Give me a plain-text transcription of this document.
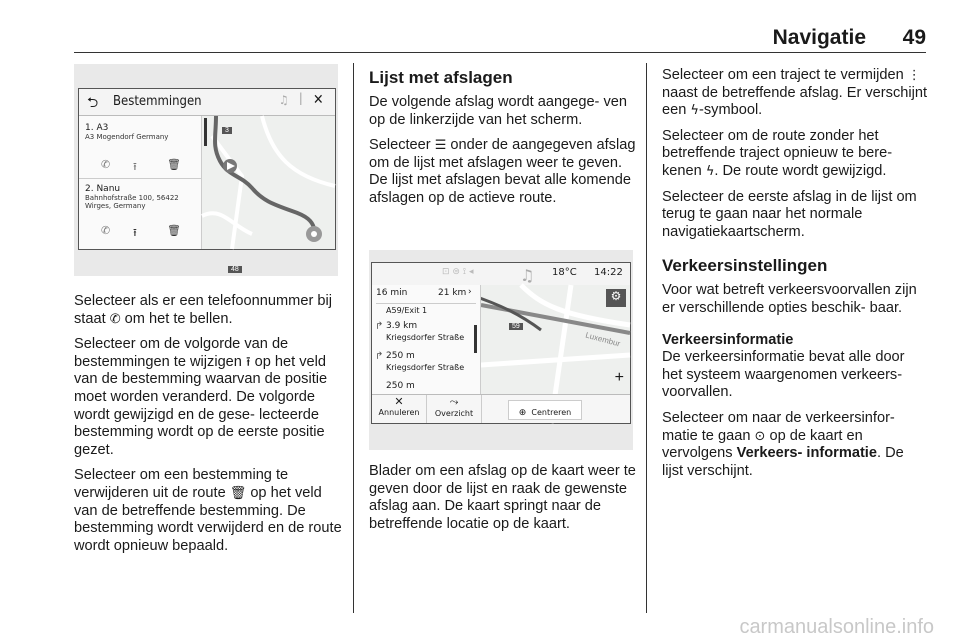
Navigatie 49
⮌ Bestemmingen	♫ | ✕
1. A3
A3 Mogendorf Germany
✆ ⭱	🗑
2. Nanu
Bahnhofstraße 100, 56422
Wirges, Germany
✆ ⭱	🗑
3
48

Selecteer als er een telefoonnummer bij staat ✆ om het te bellen.

Selecteer om de volgorde van de bestemmingen te wijzigen ⭱ op het veld van de bestemming waarvan de positie moet worden veranderd. De volgorde wordt gewijzigd en de gese- lecteerde bestemming wordt op de eerste positie gezet.

Selecteer om een bestemming te verwijderen uit de route 🗑 op het veld van de betreffende bestemming. De bestemming wordt verwijderd en de route wordt opnieuw bepaald.

Lijst met afslagen

De volgende afslag wordt aangege- ven op de linkerzijde van het scherm.

Selecteer ☰ onder de aangegeven afslag om de lijst met afslagen weer te geven. De lijst met afslagen bevat alle komende afslagen op de actieve route.

⊡ ⊜ ⟟ ◂	♫ 18°C 14:22
59
Luxembur
⚙
+
16 min	21 km ›
A59/Exit 1
3.9 km
Kriegsdorfer Straße
250 m
Kriegsdorfer Straße
250 m
↱
↱
✕
Annuleren
⤳
Overzicht	⊕ Centreren

Blader om een afslag op de kaart weer te geven door de lijst en raak de gewenste afslag aan. De kaart springt naar de betreffende locatie op de kaart.

Selecteer om een traject te vermijden ⋮ naast de betreffende afslag. Er verschijnt een ϟ-symbool.

Selecteer om de route zonder het betreffende traject opnieuw te bere- kenen ϟ. De route wordt gewijzigd.

Selecteer de eerste afslag in de lijst om terug te gaan naar het normale navigatiekaartscherm.

Verkeersinstellingen

Voor wat betreft verkeersvoorvallen zijn er verschillende opties beschik- baar.

Verkeersinformatie

De verkeersinformatie bevat alle door het systeem waargenomen verkeers- voorvallen.

Selecteer om naar de verkeersinfor- matie te gaan ⊙ op de kaart en vervolgens Verkeers- informatie. De lijst verschijnt.

carmanualsonline.info
